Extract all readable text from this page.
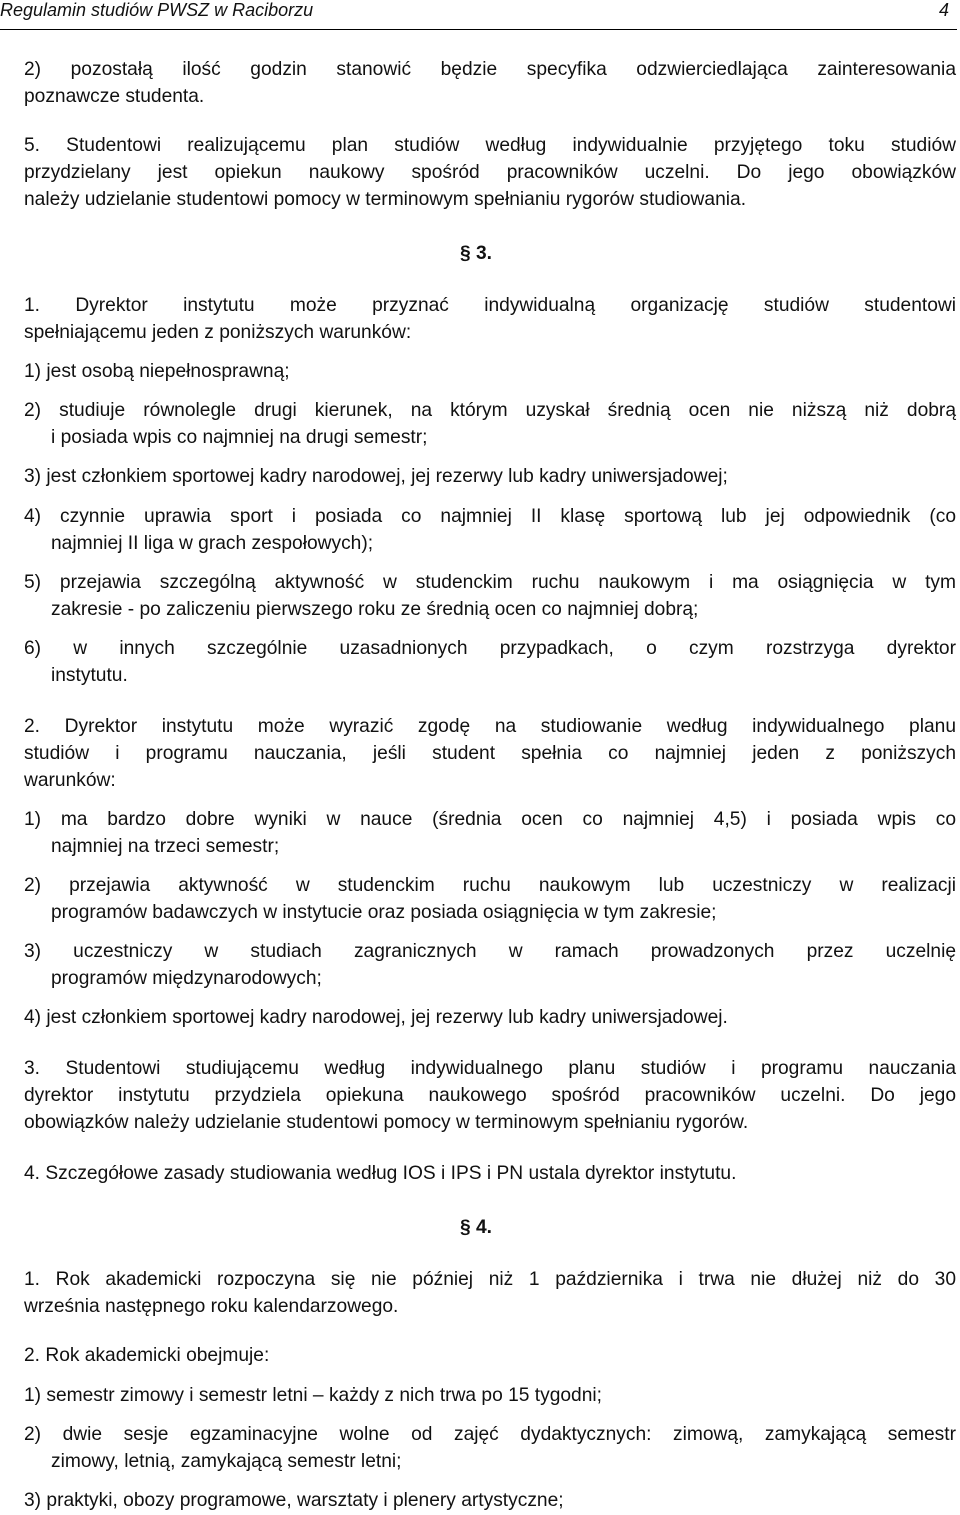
Regulamin studiów PWSZ w Raciborzu	4
2) pozostałą ilość godzin stanowić będzie specyfika odzwierciedlająca zainteresowania
poznawcze studenta.
5. Studentowi realizującemu plan studiów według indywidualnie przyjętego toku studiów
przydzielany jest opiekun naukowy spośród pracowników uczelni. Do jego obowiązków
należy udzielanie studentowi pomocy w terminowym spełnianiu rygorów studiowania.
§ 3.
1. Dyrektor instytutu może przyznać indywidualną organizację studiów studentowi
spełniającemu jeden z poniższych warunków:
1) jest osobą niepełnosprawną;
2) studiuje równolegle drugi kierunek, na którym uzyskał średnią ocen nie niższą niż dobrą
i posiada wpis co najmniej na drugi semestr;
3) jest członkiem sportowej kadry narodowej, jej rezerwy lub kadry uniwersjadowej;
4) czynnie uprawia sport i posiada co najmniej II klasę sportową lub jej odpowiednik (co
najmniej II liga w grach zespołowych);
5) przejawia szczególną aktywność w studenckim ruchu naukowym i ma osiągnięcia w tym
zakresie - po zaliczeniu pierwszego roku ze średnią ocen co najmniej dobrą;
6) w innych szczególnie uzasadnionych przypadkach, o czym rozstrzyga dyrektor
instytutu.
2. Dyrektor instytutu może wyrazić zgodę na studiowanie według indywidualnego planu
studiów i programu nauczania, jeśli student spełnia co najmniej jeden z poniższych
warunków:
1) ma bardzo dobre wyniki w nauce (średnia ocen co najmniej 4,5) i posiada wpis co
najmniej na trzeci semestr;
2) przejawia aktywność w studenckim ruchu naukowym lub uczestniczy w realizacji
programów badawczych w instytucie oraz posiada osiągnięcia w tym zakresie;
3) uczestniczy w studiach zagranicznych w ramach prowadzonych przez uczelnię
programów międzynarodowych;
4) jest członkiem sportowej kadry narodowej, jej rezerwy lub kadry uniwersjadowej.
3. Studentowi studiującemu według indywidualnego planu studiów i programu nauczania
dyrektor instytutu przydziela opiekuna naukowego spośród pracowników uczelni. Do jego
obowiązków należy udzielanie studentowi pomocy w terminowym spełnianiu rygorów.
4. Szczegółowe zasady studiowania według IOS i IPS i PN ustala dyrektor instytutu.
§ 4.
1. Rok akademicki rozpoczyna się nie później niż 1 października i trwa nie dłużej niż do 30
września następnego roku kalendarzowego.
2. Rok akademicki obejmuje:
1) semestr zimowy i semestr letni – każdy z nich trwa po 15 tygodni;
2) dwie sesje egzaminacyjne wolne od zajęć dydaktycznych: zimową, zamykającą semestr
zimowy, letnią, zamykającą semestr letni;
3) praktyki, obozy programowe, warsztaty i plenery artystyczne;
